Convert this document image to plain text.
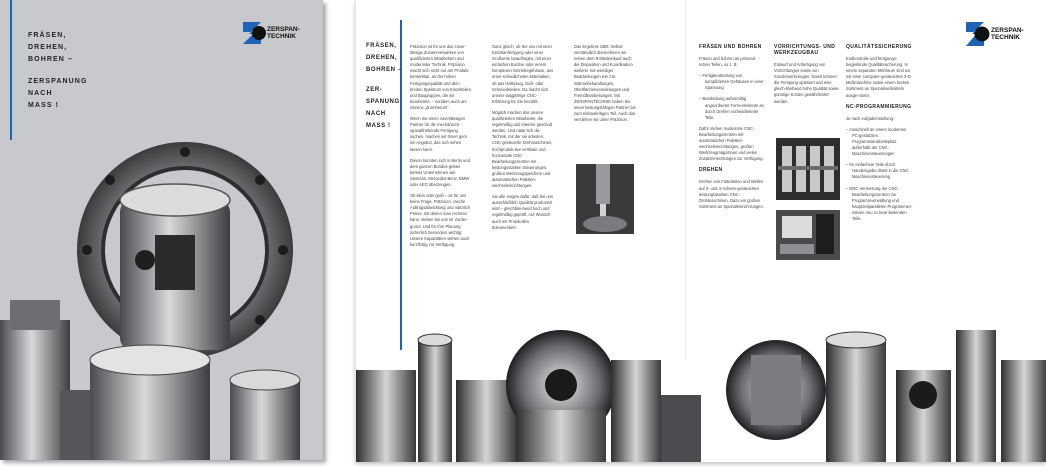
FRÄSEN,
DREHEN,
BOHREN –
ZERSPANUNG
NACH
MASS !
ZERSPAN-
TECHNIK
FRÄSEN,
DREHEN,
BOHREN –
ZER-
SPANUNG
NACH
MASS !
ZERSPAN-
TECHNIK

Präzision ist für uns das zuver-lässige Zusammenwirken von qualifizierten Mitarbeitern und modernster Technik. Präzision macht sich nicht nur am Produkt bemerkbar, an der hohen Fertigungsqualität und dem breiten Spektrum von Einzelteilen und Baugruppen, die wir bearbeiten, – sondern auch am Service „drumherum“.

Wenn Sie einen zuverlässigen Partner für die mechanisch-spanabhebende Fertigung suchen, machen wir Ihnen gern ein Angebot, das sich sehen lassen kann.

Davon konnten sich in Berlin und dem ganzen Bundes-gebiet bereits Unternehmen wie Siemens, Mercedes-Benz, BMW oder AEG überzeugen.

Ob klein oder groß – ist für uns keine Frage. Präzision, rasche Auftragsabwicklung und natürlich Preise, mit denen man rechnen kann, stehen bei uns im Vorder-grund. Und für Ihre Planung sicherlich besonders wichtig: Unsere Kapazitäten stehen auch kurzfristig zur Verfügung.

Ganz gleich, ob Sie uns mit einer Einzelanfertigung oder einer Großserie beauftragen, mit einer einfachen Buchse oder einem komplexen Getriebegehäuse, aus unter-schiedlichsten Materialien, ob aus Halbzeug, Guß- oder Schmiedeteilen. Da macht sich unsere langjährige CNC-Erfahrung für Sie bezahlt.

Möglich machen das unsere qualifizierten Mitarbeiter, die regelmäßig und intensiv geschult werden. Und natür-lich die Technik, mit der sie arbeiten. CNC-gesteuerte Drehmaschinen, hochproduk-tive vertikale und horizontale CNC-Bearbeitungszentren mit leistungsstarken Steuerungen, großen Werkzeugspeichern und automatischen Paletten-wechseleinrichtungen.

Sie alle sorgen dafür, daß bei uns ausschließlich Qualität produziert wird – gleichblei-bend hoch und regelmäßig geprüft. Auf Wunsch auch mit Protokollen dokumentiert.

Das Ergebnis zählt: Selbst-verständlich übernehmen wir neben dem Rohteileinkauf auch die Disposition und Koordination weiterer not-wendiger Bearbeitungen wie z.B. Wärmebehandlungen, Oberflächenveredelungen und Fremdbearbeitungen. Mit ZERSPANTECHNIK haben Sie einen leistungsfähigen Partner bis zum einbaufertigen Teil. Auch das verstehen wir unter Präzision.

FRÄSEN UND BOHREN

Fräsen und bohren an prismati-schen Teilen, so z. B.

– Fertigbearbeitung von komplizierten Gehäusen in einer Spannung
– Bearbeitung außermittig angeordneter Form-elemente an durch Drehen vorbearbeiteter Teile.

Dafür stehen modernste CNC-Bearbeitungszentren mit automatischen Paletten-wechseleinrichtungen, großen Werkzeugmagazinen und vielen Zusatzeinrichtungen zur Verfügung.

DREHEN

Drehen von Futterteilen und Wellen auf 3- und 4-Achsen-gesteuerten leistungsstarken CNC-Drehmaschinen. Dazu ein großes Sortiment an Spezialeinrich-tungen.

VORRICHTUNGS- UND WERKZEUGBAU

Entwurf und Anfertigung von Vorrichtungen sowie von Sonderwerkzeugen. Damit können die Fertigung optimiert und eine gleich-bleibend hohe Qualität sowie günstige Kosten gewährleistet werden.

QUALITÄTSSICHERUNG

Endkontrolle und fertigungs-begleitende Qualitätssicherung. In einem separaten Meßraum sind wir mit einer computer-gesteuerten 3-D-Meßmaschine sowie einem breiten Sortiment an Spezialmeßmitteln ausge-rüstet.

NC-PROGRAMMIERUNG

Je nach Aufgabenstellung:

– maschinell an einem modernen PC-gestützten Programmierarbeitsplatz außerhalb der CNC-Maschinensteuerungen
– für einfachere Teile durch Handeingabe direkt in die CNC-Maschinensteuerung
– DNC-Vernetzung der CNC-Bearbeitungszentren zur Programmverwaltung und hauptzeitparallelen Programmier-nahme neu zu bear-beitenden Teile.
